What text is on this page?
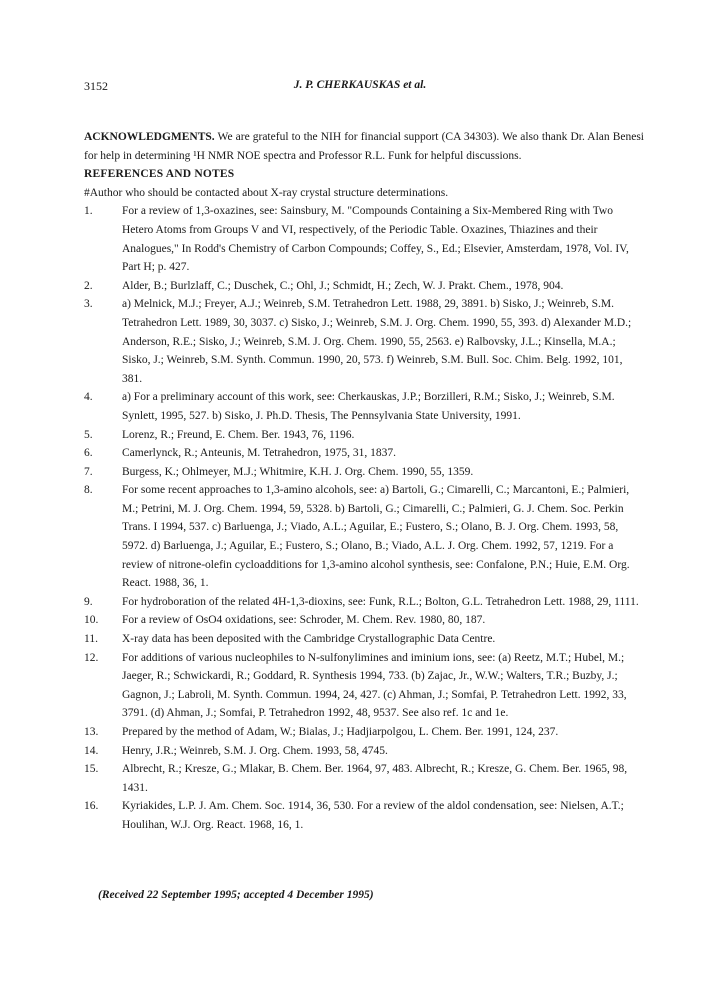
3152	J. P. CHERKAUSKAS et al.

ACKNOWLEDGMENTS. We are grateful to the NIH for financial support (CA 34303). We also thank Dr. Alan Benesi for help in determining ¹H NMR NOE spectra and Professor R.L. Funk for helpful discussions.

REFERENCES AND NOTES

#Author who should be contacted about X-ray crystal structure determinations.

1.	For a review of 1,3-oxazines, see: Sainsbury, M. "Compounds Containing a Six-Membered Ring with Two Hetero Atoms from Groups V and VI, respectively, of the Periodic Table. Oxazines, Thiazines and their Analogues," In Rodd's Chemistry of Carbon Compounds; Coffey, S., Ed.; Elsevier, Amsterdam, 1978, Vol. IV, Part H; p. 427.
2.	Alder, B.; Burlzlaff, C.; Duschek, C.; Ohl, J.; Schmidt, H.; Zech, W. J. Prakt. Chem., 1978, 904.
3.	a) Melnick, M.J.; Freyer, A.J.; Weinreb, S.M. Tetrahedron Lett. 1988, 29, 3891. b) Sisko, J.; Weinreb, S.M. Tetrahedron Lett. 1989, 30, 3037. c) Sisko, J.; Weinreb, S.M. J. Org. Chem. 1990, 55, 393. d) Alexander M.D.; Anderson, R.E.; Sisko, J.; Weinreb, S.M. J. Org. Chem. 1990, 55, 2563. e) Ralbovsky, J.L.; Kinsella, M.A.; Sisko, J.; Weinreb, S.M. Synth. Commun. 1990, 20, 573. f) Weinreb, S.M. Bull. Soc. Chim. Belg. 1992, 101, 381.
4.	a) For a preliminary account of this work, see: Cherkauskas, J.P.; Borzilleri, R.M.; Sisko, J.; Weinreb, S.M. Synlett, 1995, 527. b) Sisko, J. Ph.D. Thesis, The Pennsylvania State University, 1991.
5.	Lorenz, R.; Freund, E. Chem. Ber. 1943, 76, 1196.
6.	Camerlynck, R.; Anteunis, M. Tetrahedron, 1975, 31, 1837.
7.	Burgess, K.; Ohlmeyer, M.J.; Whitmire, K.H. J. Org. Chem. 1990, 55, 1359.
8.	For some recent approaches to 1,3-amino alcohols, see: a) Bartoli, G.; Cimarelli, C.; Marcantoni, E.; Palmieri, M.; Petrini, M. J. Org. Chem. 1994, 59, 5328. b) Bartoli, G.; Cimarelli, C.; Palmieri, G. J. Chem. Soc. Perkin Trans. I 1994, 537. c) Barluenga, J.; Viado, A.L.; Aguilar, E.; Fustero, S.; Olano, B. J. Org. Chem. 1993, 58, 5972. d) Barluenga, J.; Aguilar, E.; Fustero, S.; Olano, B.; Viado, A.L. J. Org. Chem. 1992, 57, 1219. For a review of nitrone-olefin cycloadditions for 1,3-amino alcohol synthesis, see: Confalone, P.N.; Huie, E.M. Org. React. 1988, 36, 1.
9.	For hydroboration of the related 4H-1,3-dioxins, see: Funk, R.L.; Bolton, G.L. Tetrahedron Lett. 1988, 29, 1111.
10.	For a review of OsO4 oxidations, see: Schroder, M. Chem. Rev. 1980, 80, 187.
11.	X-ray data has been deposited with the Cambridge Crystallographic Data Centre.
12.	For additions of various nucleophiles to N-sulfonylimines and iminium ions, see: (a) Reetz, M.T.; Hubel, M.; Jaeger, R.; Schwickardi, R.; Goddard, R. Synthesis 1994, 733. (b) Zajac, Jr., W.W.; Walters, T.R.; Buzby, J.; Gagnon, J.; Labroli, M. Synth. Commun. 1994, 24, 427. (c) Ahman, J.; Somfai, P. Tetrahedron Lett. 1992, 33, 3791. (d) Ahman, J.; Somfai, P. Tetrahedron 1992, 48, 9537. See also ref. 1c and 1e.
13.	Prepared by the method of Adam, W.; Bialas, J.; Hadjiarpolgou, L. Chem. Ber. 1991, 124, 237.
14.	Henry, J.R.; Weinreb, S.M. J. Org. Chem. 1993, 58, 4745.
15.	Albrecht, R.; Kresze, G.; Mlakar, B. Chem. Ber. 1964, 97, 483. Albrecht, R.; Kresze, G. Chem. Ber. 1965, 98, 1431.
16.	Kyriakides, L.P. J. Am. Chem. Soc. 1914, 36, 530. For a review of the aldol condensation, see: Nielsen, A.T.; Houlihan, W.J. Org. React. 1968, 16, 1.
(Received 22 September 1995; accepted 4 December 1995)
